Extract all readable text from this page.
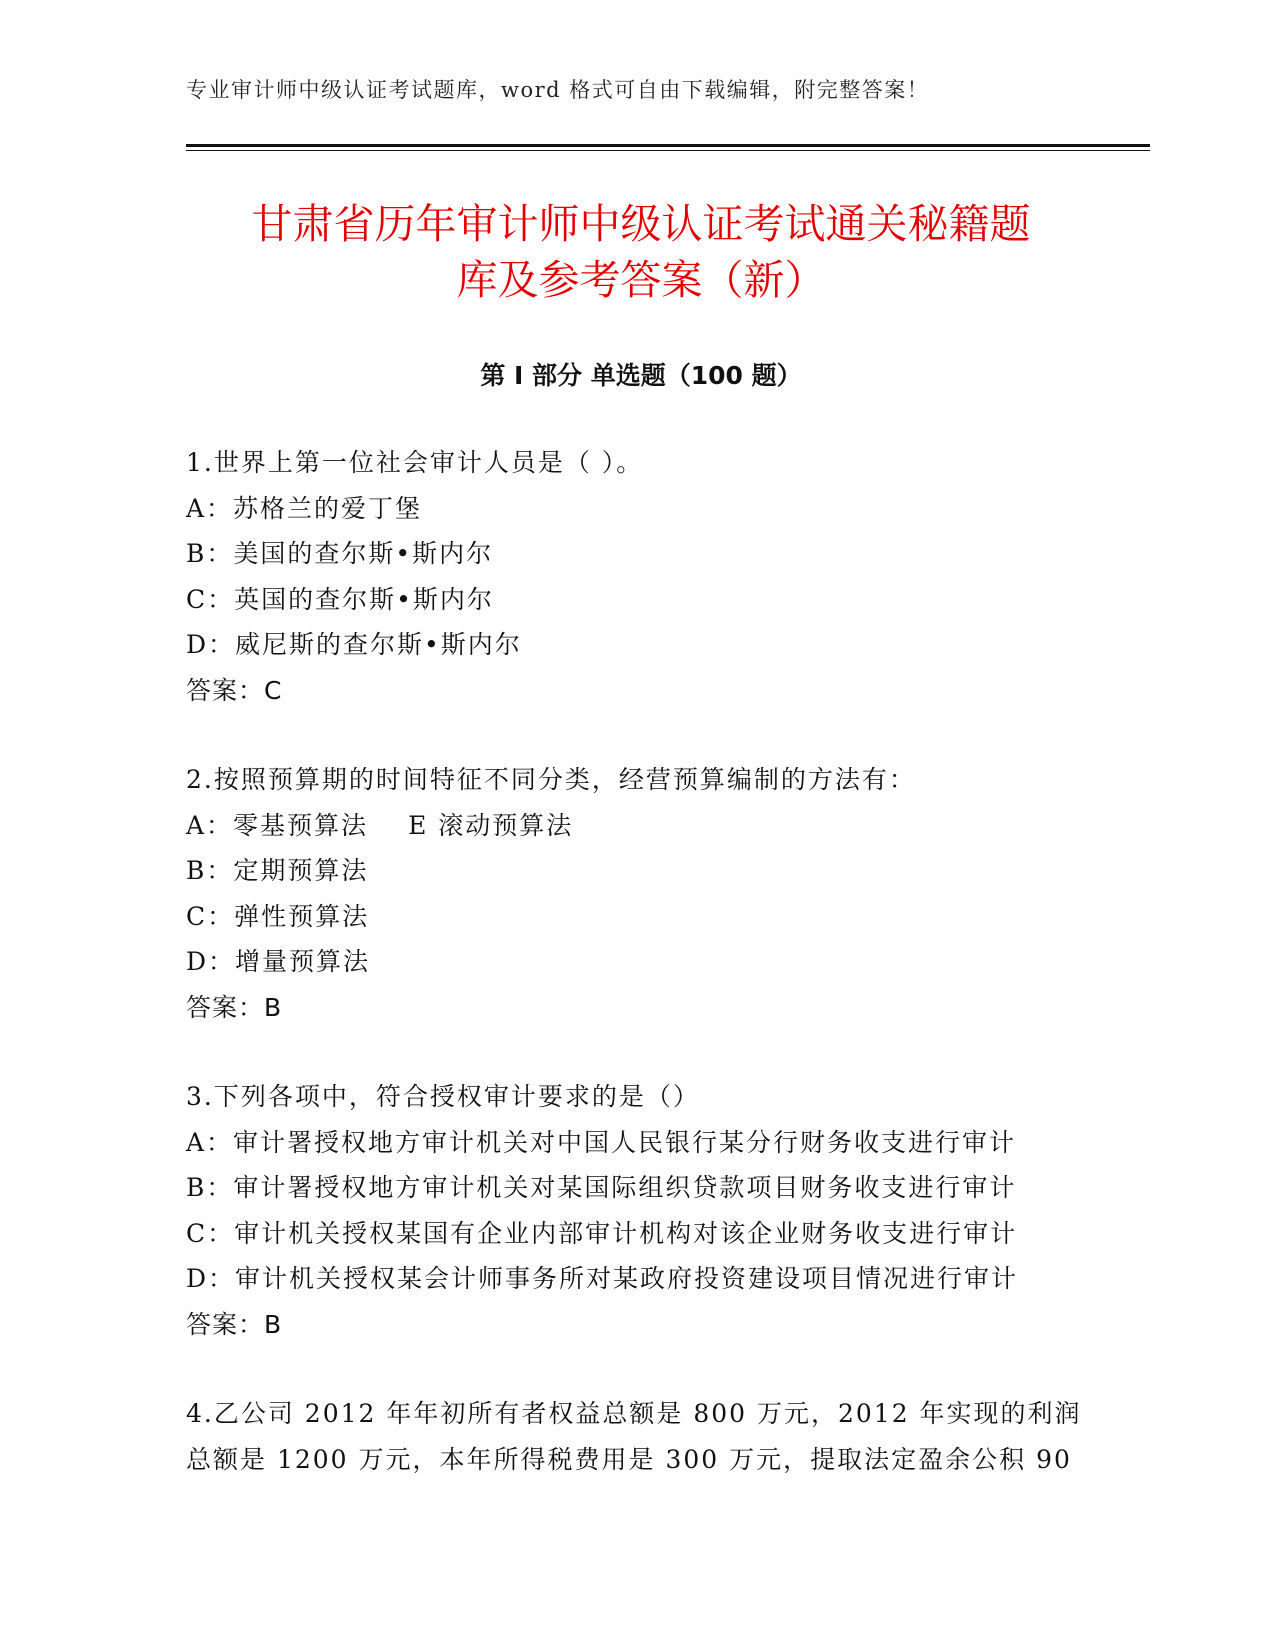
专业审计师中级认证考试题库，word 格式可自由下载编辑，附完整答案！
甘肃省历年审计师中级认证考试通关秘籍题
库及参考答案（新）
第 I 部分 单选题（100 题）
1.世界上第一位社会审计人员是（ ）。
A：苏格兰的爱丁堡
B：美国的查尔斯•斯内尔
C：英国的查尔斯•斯内尔
D：威尼斯的查尔斯•斯内尔
答案：C
2.按照预算期的时间特征不同分类，经营预算编制的方法有：
A：零基预算法 E 滚动预算法
B：定期预算法
C：弹性预算法
D：增量预算法
答案：B
3.下列各项中，符合授权审计要求的是（）
A：审计署授权地方审计机关对中国人民银行某分行财务收支进行审计
B：审计署授权地方审计机关对某国际组织贷款项目财务收支进行审计
C：审计机关授权某国有企业内部审计机构对该企业财务收支进行审计
D：审计机关授权某会计师事务所对某政府投资建设项目情况进行审计
答案：B
4.乙公司 2012 年年初所有者权益总额是 800 万元，2012 年实现的利润
总额是 1200 万元，本年所得税费用是 300 万元，提取法定盈余公积 90
